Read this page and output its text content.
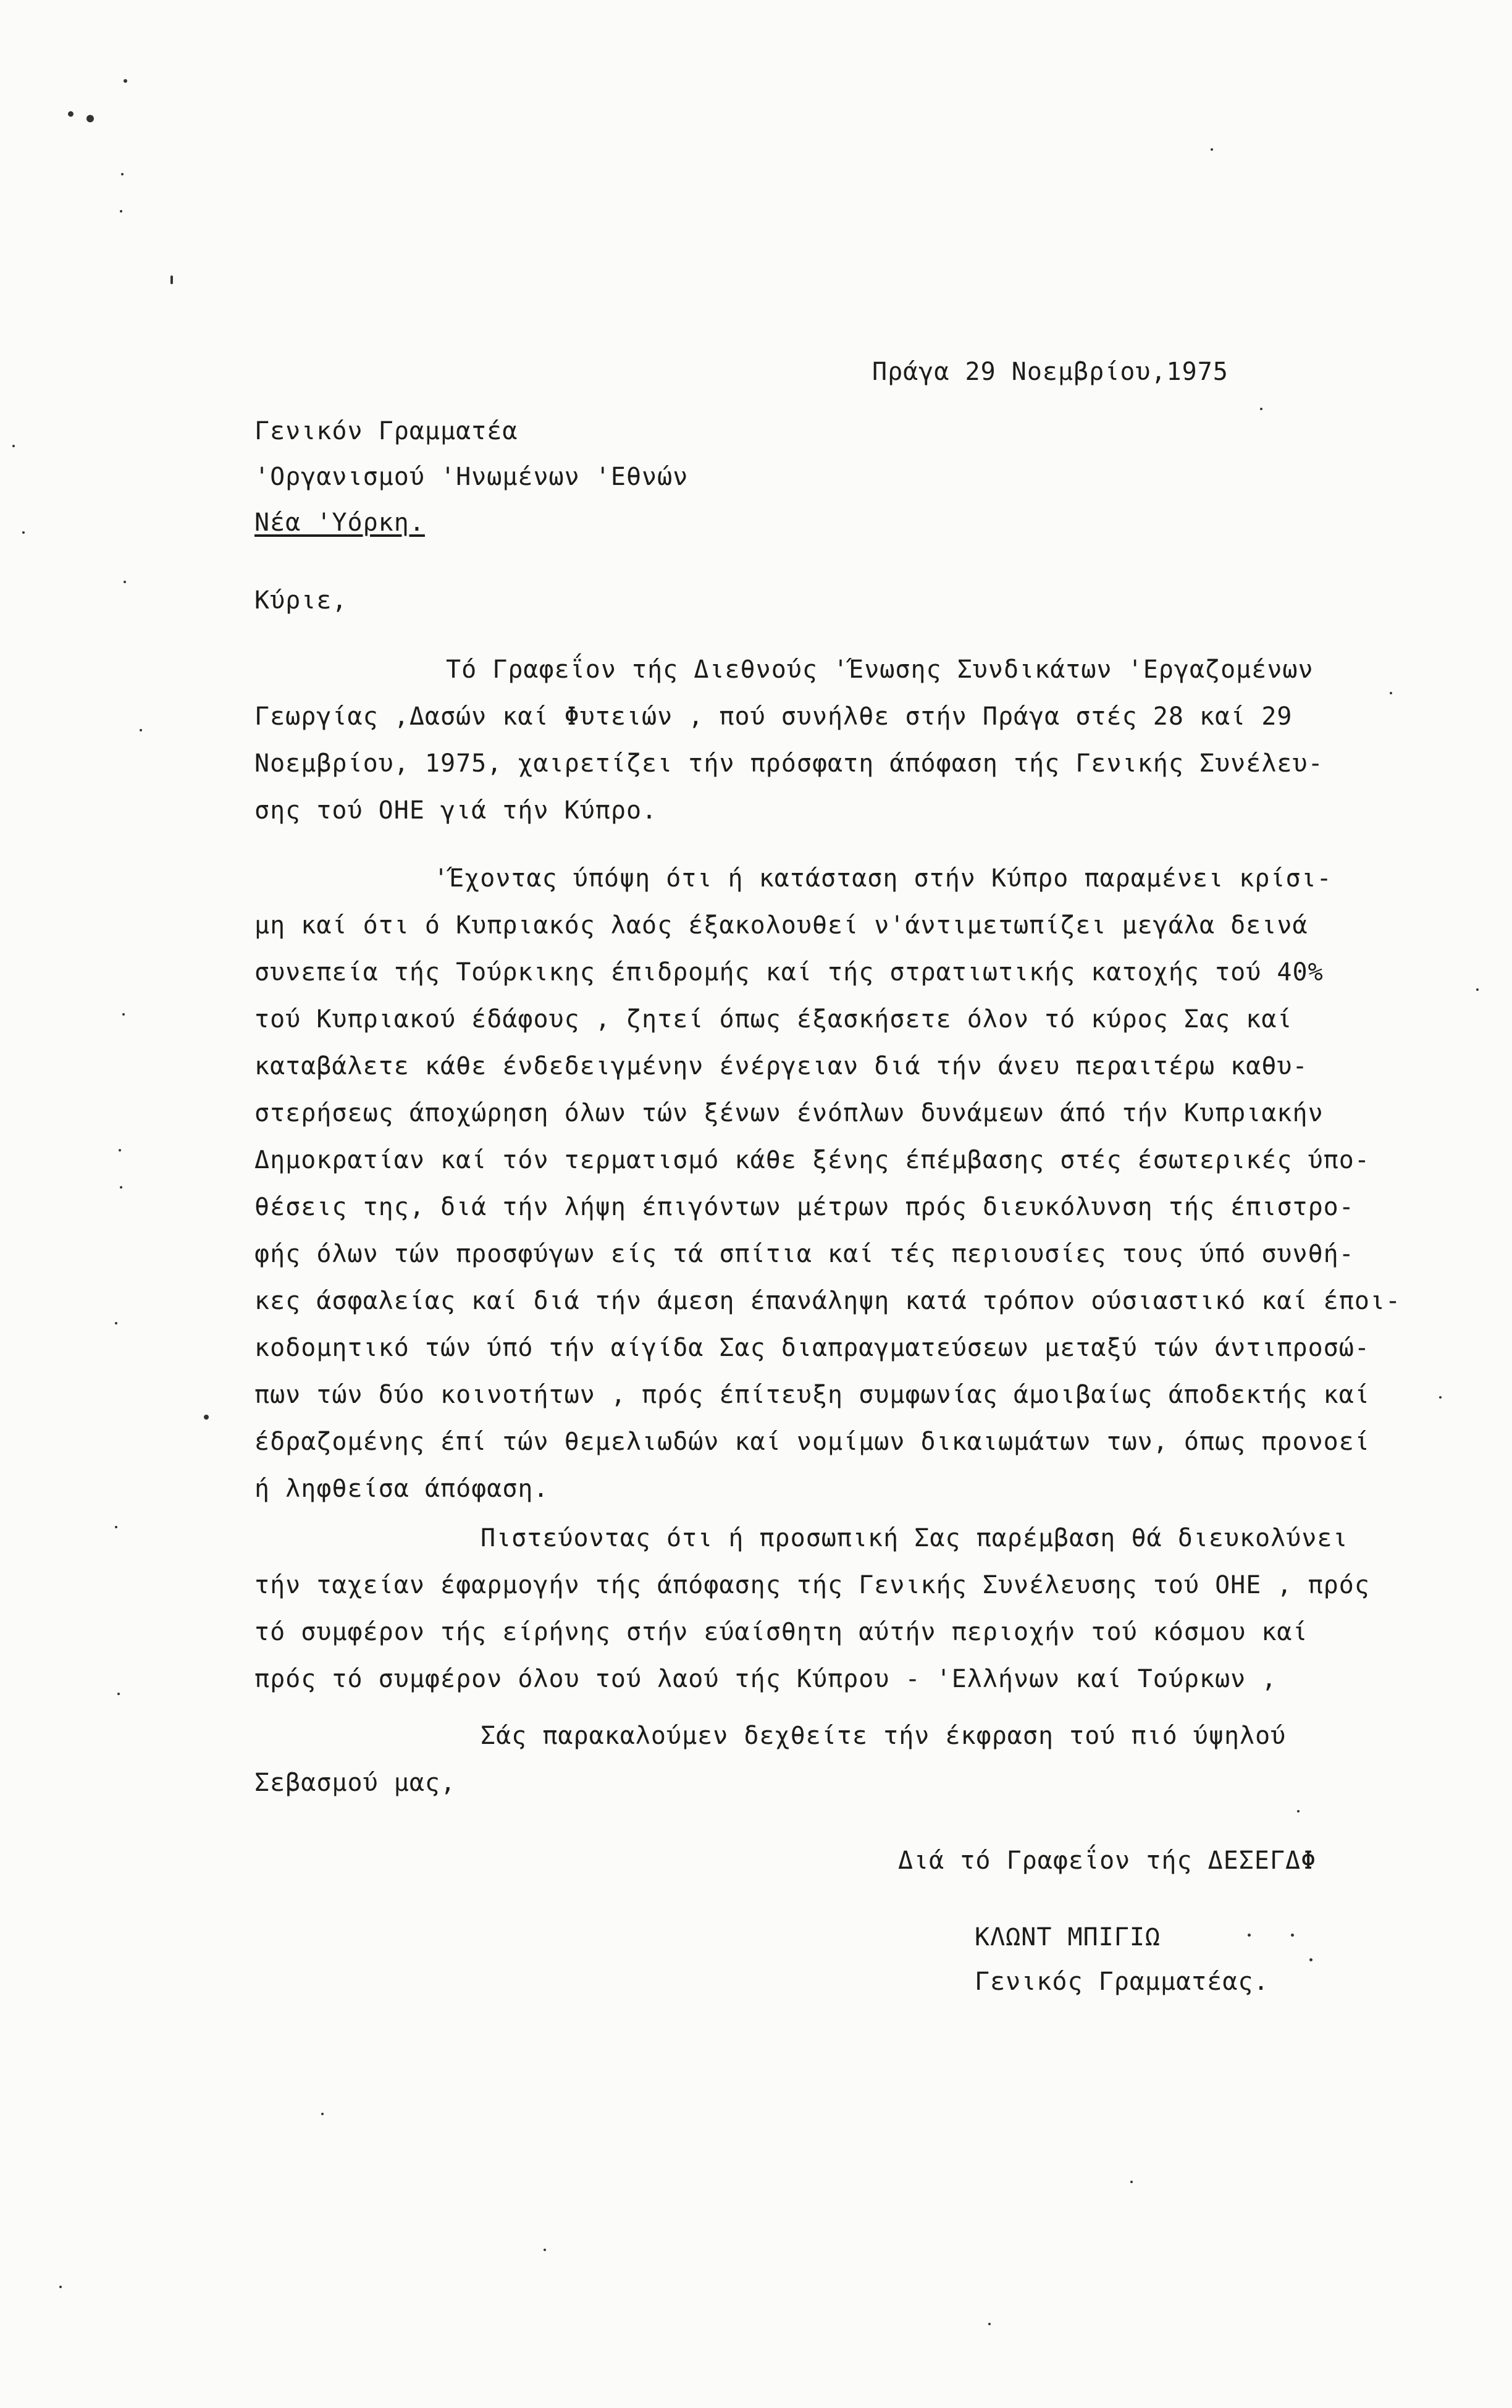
Πράγα 29 Νοεμβρίου,1975
Γενικόν Γραμματέα
'Οργανισμού 'Ηνωμένων 'Εθνών
Νέα 'Υόρκη.
Κύριε,
Τό Γραφεΐον τής Διεθνούς 'Ένωσης Συνδικάτων 'Εργαζομένων
Γεωργίας ,Δασών καί Φυτειών , πού συνήλθε στήν Πράγα στές 28 καί 29
Νοεμβρίου, 1975, χαιρετίζει τήν πρόσφατη άπόφαση τής Γενικής Συνέλευ-
σης τού ΟΗΕ γιά τήν Κύπρο.
'Έχοντας ύπόψη ότι ή κατάσταση στήν Κύπρο παραμένει κρίσι-
μη καί ότι ό Κυπριακός λαός έξακολουθεί ν'άντιμετωπίζει μεγάλα δεινά
συνεπεία τής Τούρκικης έπιδρομής καί τής στρατιωτικής κατοχής τού 40%
τού Κυπριακού έδάφους , ζητεί όπως έξασκήσετε όλον τό κύρος Σας καί
καταβάλετε κάθε ένδεδειγμένην ένέργειαν διά τήν άνευ περαιτέρω καθυ-
στερήσεως άποχώρηση όλων τών ξένων ένόπλων δυνάμεων άπό τήν Κυπριακήν
Δημοκρατίαν καί τόν τερματισμό κάθε ξένης έπέμβασης στές έσωτερικές ύπο-
θέσεις της, διά τήν λήψη έπιγόντων μέτρων πρός διευκόλυνση τής έπιστρο-
φής όλων τών προσφύγων είς τά σπίτια καί τές περιουσίες τους ύπό συνθή-
κες άσφαλείας καί διά τήν άμεση έπανάληψη κατά τρόπον ούσιαστικό καί έποι-
κοδομητικό τών ύπό τήν αίγίδα Σας διαπραγματεύσεων μεταξύ τών άντιπροσώ-
πων τών δύο κοινοτήτων , πρός έπίτευξη συμφωνίας άμοιβαίως άποδεκτής καί
έδραζομένης έπί τών θεμελιωδών καί νομίμων δικαιωμάτων των, όπως προνοεί
ή ληφθείσα άπόφαση.
Πιστεύοντας ότι ή προσωπική Σας παρέμβαση θά διευκολύνει
τήν ταχείαν έφαρμογήν τής άπόφασης τής Γενικής Συνέλευσης τού ΟΗΕ , πρός
τό συμφέρον τής είρήνης στήν εύαίσθητη αύτήν περιοχήν τού κόσμου καί
πρός τό συμφέρον όλου τού λαού τής Κύπρου - 'Ελλήνων καί Τούρκων ,
Σάς παρακαλούμεν δεχθείτε τήν έκφραση τού πιό ύψηλού
Σεβασμού μας,
Διά τό Γραφεΐον τής ΔΕΣΕΓΔΦ
ΚΛΩΝΤ ΜΠΙΓΙΩ
Γενικός Γραμματέας.
